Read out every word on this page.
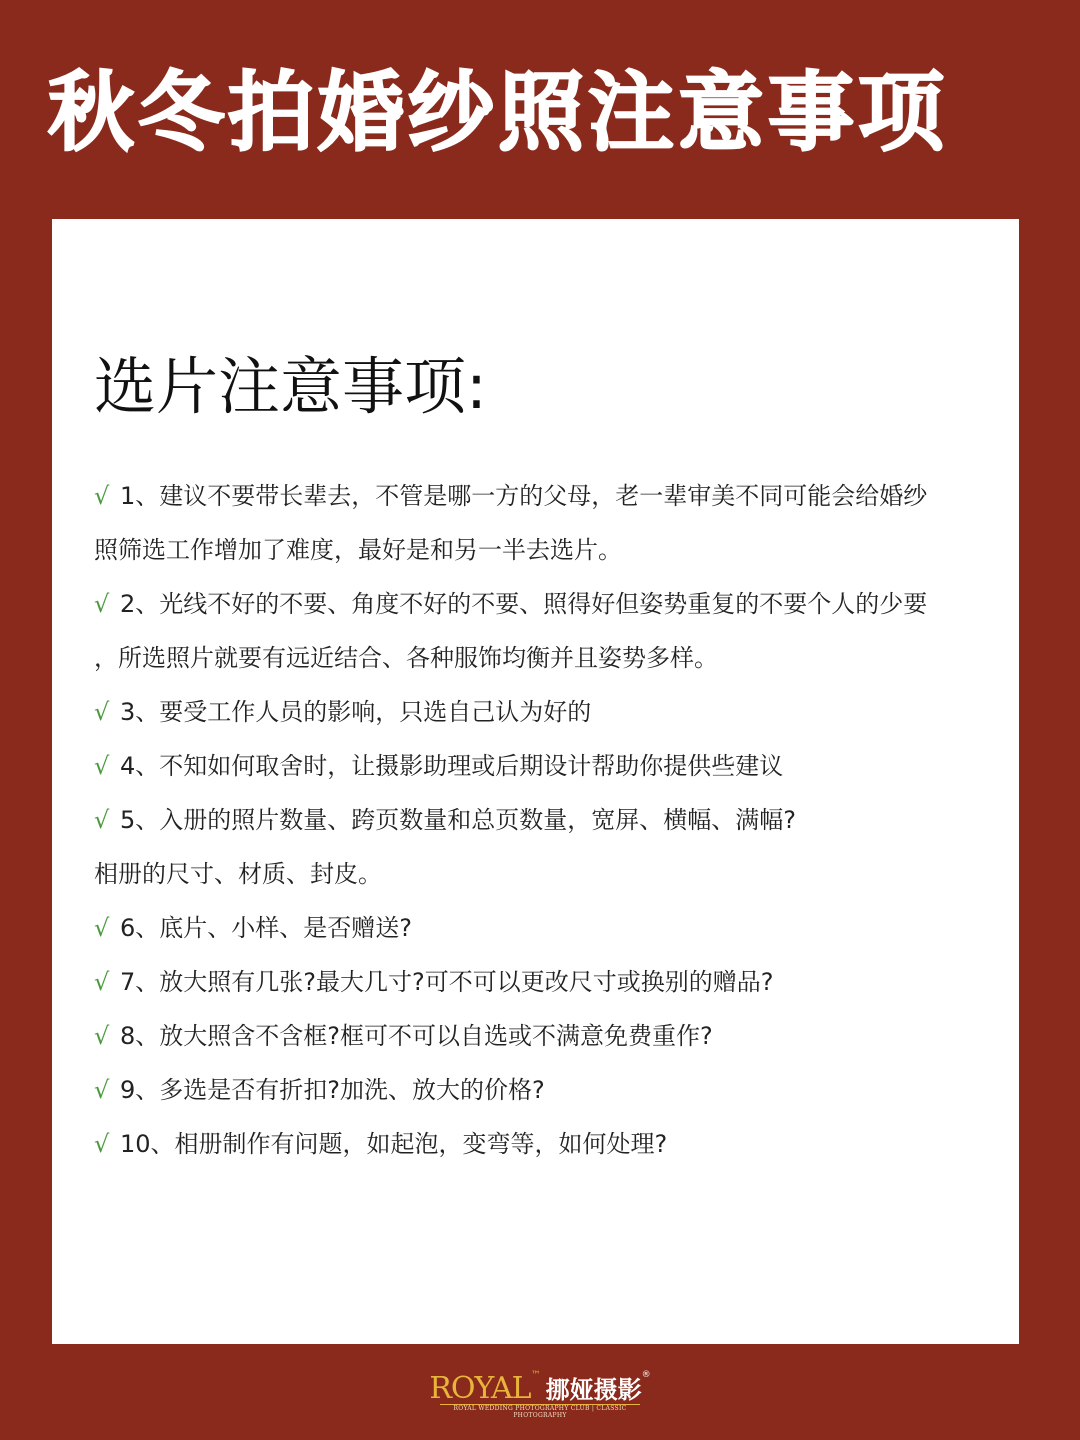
秋冬拍婚纱照注意事项
选片注意事项:
√ 1、建议不要带长辈去，不管是哪一方的父母，老一辈审美不同可能会给婚纱
照筛选工作增加了难度，最好是和另一半去选片。
√ 2、光线不好的不要、角度不好的不要、照得好但姿势重复的不要个人的少要
，所选照片就要有远近结合、各种服饰均衡并且姿势多样。
√ 3、要受工作人员的影响，只选自己认为好的
√ 4、不知如何取舍时，让摄影助理或后期设计帮助你提供些建议
√ 5、入册的照片数量、跨页数量和总页数量，宽屏、横幅、满幅?
相册的尺寸、材质、封皮。
√ 6、底片、小样、是否赠送?
√ 7、放大照有几张?最大几寸?可不可以更改尺寸或换别的赠品?
√ 8、放大照含不含框?框可不可以自选或不满意免费重作?
√ 9、多选是否有折扣?加洗、放大的价格?
√ 10、相册制作有问题，如起泡，变弯等，如何处理?
ROYAL™ 挪娅摄影®
ROYAL WEDDING PHOTOGRAPHY CLUB | CLASSIC PHOTOGRAPHY
